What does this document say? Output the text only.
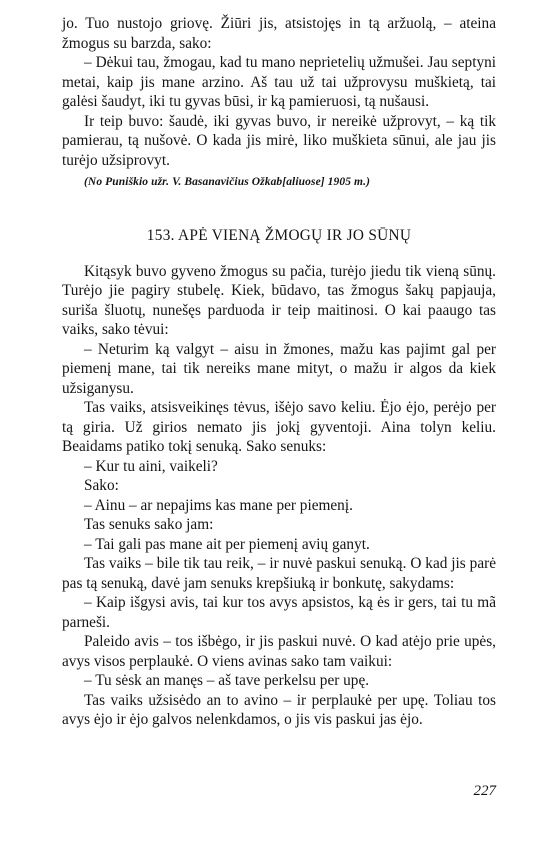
jo. Tuo nustojo griovę. Žiūri jis, atsistojęs in tą aržuolą, – ateina žmogus su barzda, sako:

– Dėkui tau, žmogau, kad tu mano neprietelių užmušei. Jau septyni metai, kaip jis mane arzino. Aš tau už tai užprovysu muškietą, tai galėsi šaudyt, iki tu gyvas būsi, ir ką pamieruosi, tą nušausi.

Ir teip buvo: šaudė, iki gyvas buvo, ir nereikė užprovyt, – ką tik pamierau, tą nušovė. O kada jis mirė, liko muškieta sūnui, ale jau jis turėjo užsiprovyt.

(No Puniškio užr. V. Basanavičius Ožkab[aliuose] 1905 m.)

153. APĖ VIENĄ ŽMOGŲ IR JO SŪNŲ

Kitąsyk buvo gyveno žmogus su pačia, turėjo jiedu tik vieną sūnų. Turėjo jie pagiry stubelę. Kiek, būdavo, tas žmogus šakų papjauja, suriša šluotų, nunešęs parduoda ir teip maitinosi. O kai paaugo tas vaiks, sako tėvui:

– Neturim ką valgyt – aisu in žmones, mažu kas pajimt gal per piemenį mane, tai tik nereiks mane mityt, o mažu ir algos da kiek užsiganysu.

Tas vaiks, atsisveikinęs tėvus, išėjo savo keliu. Ėjo ėjo, perėjo per tą giria. Už girios nemato jis jokį gyventoji. Aina tolyn keliu. Beaidams patiko tokį senuką. Sako senuks:

– Kur tu aini, vaikeli?

Sako:

– Ainu – ar nepajims kas mane per piemenį.

Tas senuks sako jam:

– Tai gali pas mane ait per piemenį avių ganyt.

Tas vaiks – bile tik tau reik, – ir nuvė paskui senuką. O kad jis parė pas tą senuką, davė jam senuks krepšiuką ir bonkutę, sakydams:

– Kaip išgysi avis, tai kur tos avys apsistos, ką ės ir gers, tai tu mã parneši.

Paleido avis – tos išbėgo, ir jis paskui nuvė. O kad atėjo prie upės, avys visos perplaukė. O viens avinas sako tam vaikui:

– Tu sėsk an manęs – aš tave perkelsu per upę.

Tas vaiks užsisėdo an to avino – ir perplaukė per upę. Toliau tos avys ėjo ir ėjo galvos nelenkdamos, o jis vis paskui jas ėjo.

227
